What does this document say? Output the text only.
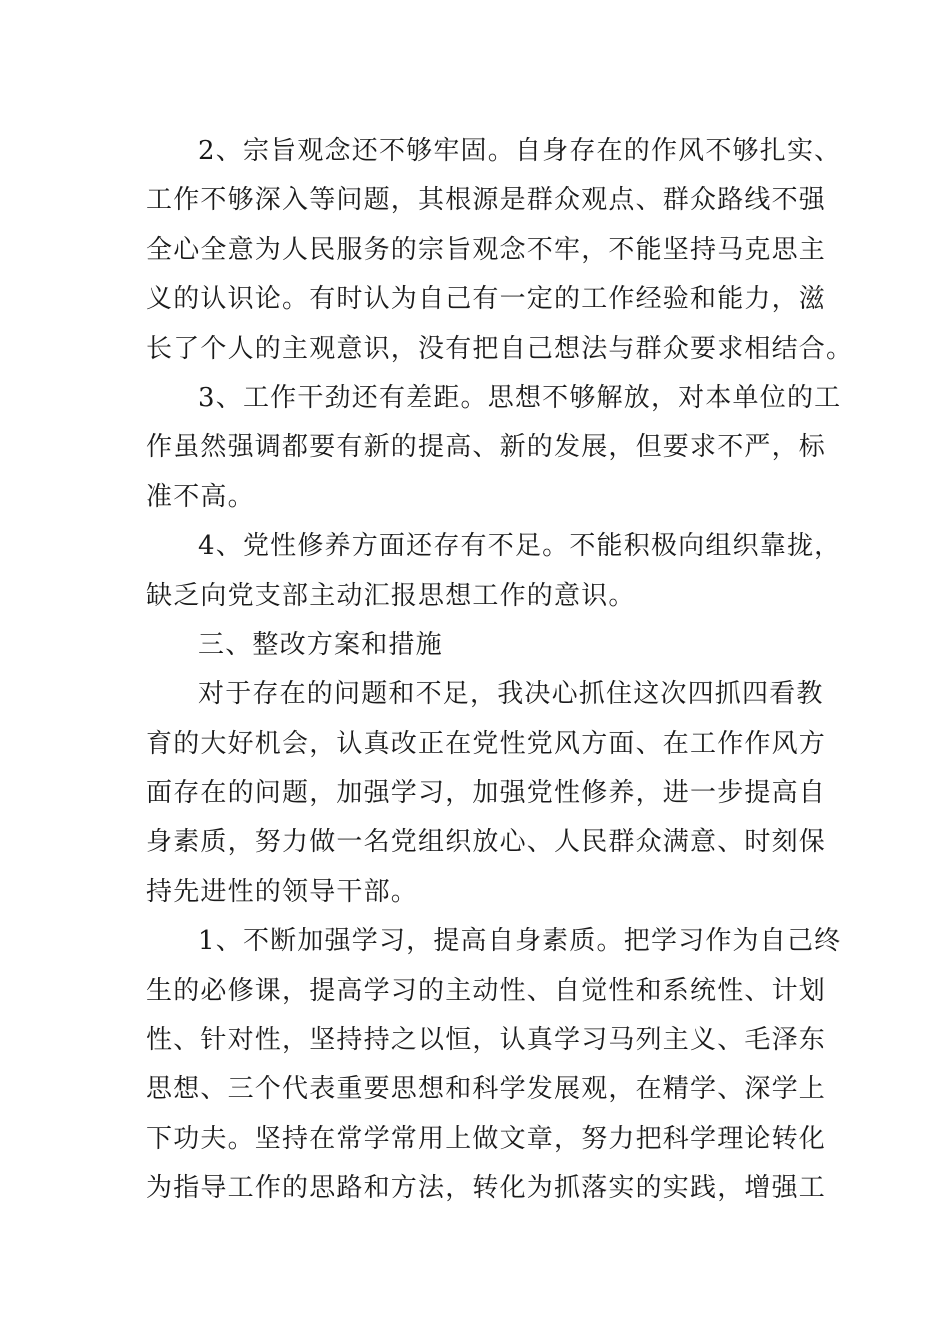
2、宗旨观念还不够牢固。自身存在的作风不够扎实、
工作不够深入等问题，其根源是群众观点、群众路线不强
全心全意为人民服务的宗旨观念不牢，不能坚持马克思主
义的认识论。有时认为自己有一定的工作经验和能力，滋
长了个人的主观意识，没有把自己想法与群众要求相结合。
3、工作干劲还有差距。思想不够解放，对本单位的工
作虽然强调都要有新的提高、新的发展，但要求不严，标
准不高。
4、党性修养方面还存有不足。不能积极向组织靠拢，
缺乏向党支部主动汇报思想工作的意识。
三、整改方案和措施
对于存在的问题和不足，我决心抓住这次四抓四看教
育的大好机会，认真改正在党性党风方面、在工作作风方
面存在的问题，加强学习，加强党性修养，进一步提高自
身素质，努力做一名党组织放心、人民群众满意、时刻保
持先进性的领导干部。
1、不断加强学习，提高自身素质。把学习作为自己终
生的必修课，提高学习的主动性、自觉性和系统性、计划
性、针对性，坚持持之以恒，认真学习马列主义、毛泽东
思想、三个代表重要思想和科学发展观，在精学、深学上
下功夫。坚持在常学常用上做文章，努力把科学理论转化
为指导工作的思路和方法，转化为抓落实的实践，增强工
